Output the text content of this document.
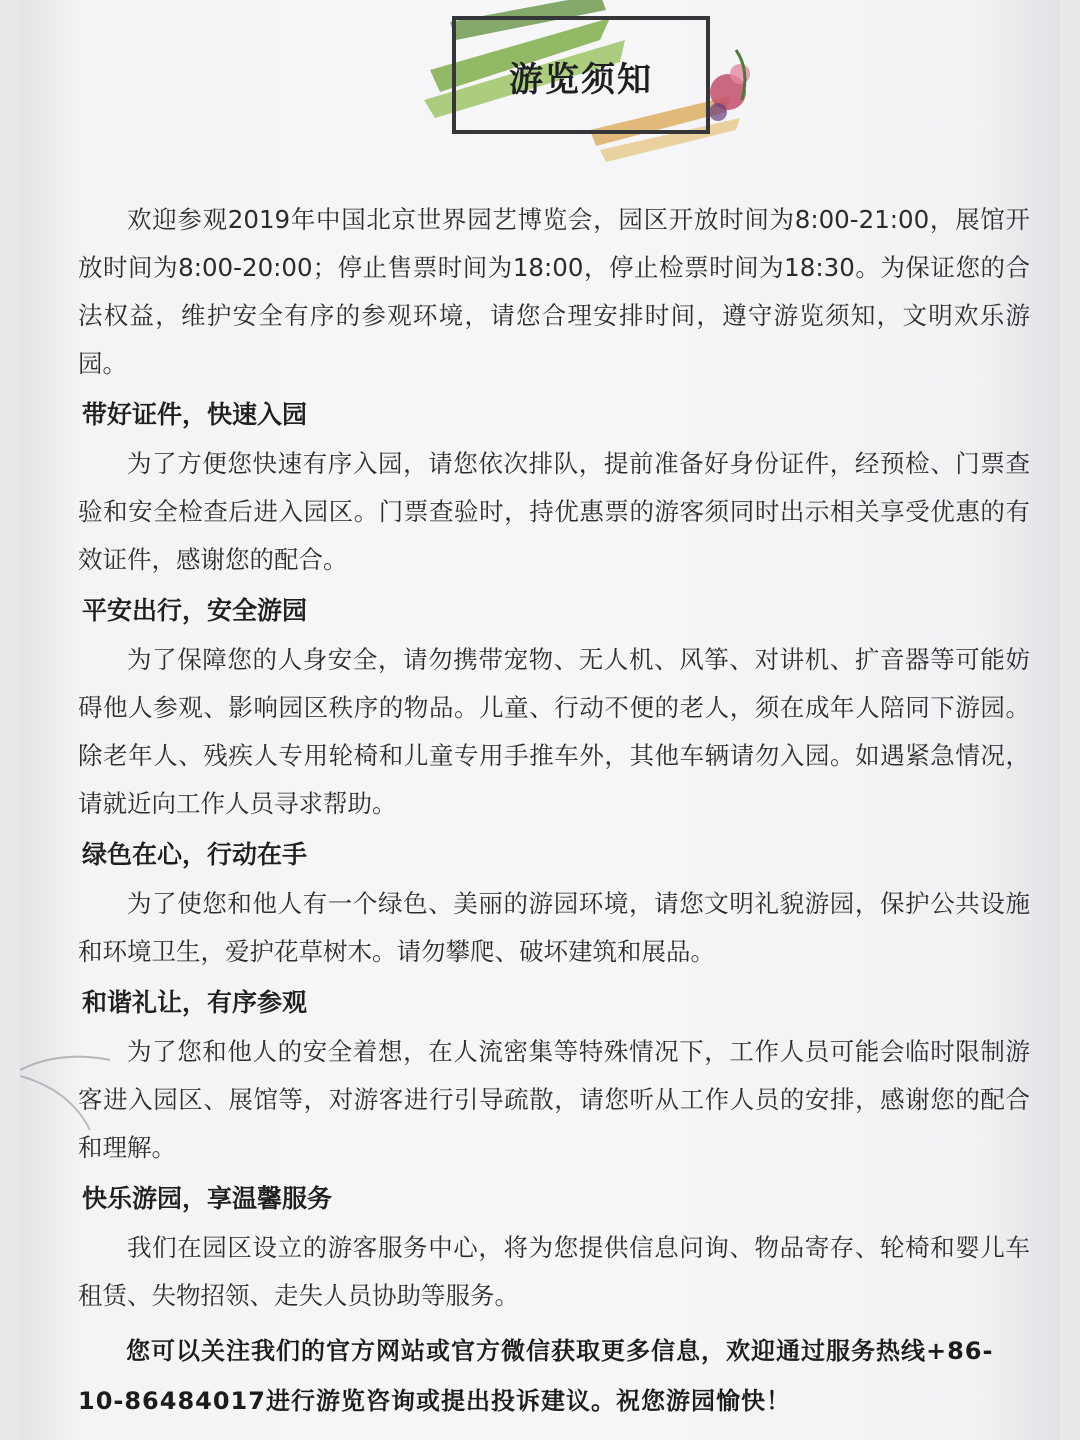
游览须知

欢迎参观2019年中国北京世界园艺博览会，园区开放时间为8:00-21:00，展馆开放时间为8:00-20:00；停止售票时间为18:00，停止检票时间为18:30。为保证您的合法权益，维护安全有序的参观环境，请您合理安排时间，遵守游览须知，文明欢乐游园。

带好证件，快速入园

为了方便您快速有序入园，请您依次排队，提前准备好身份证件，经预检、门票查验和安全检查后进入园区。门票查验时，持优惠票的游客须同时出示相关享受优惠的有效证件，感谢您的配合。

平安出行，安全游园

为了保障您的人身安全，请勿携带宠物、无人机、风筝、对讲机、扩音器等可能妨碍他人参观、影响园区秩序的物品。儿童、行动不便的老人，须在成年人陪同下游园。除老年人、残疾人专用轮椅和儿童专用手推车外，其他车辆请勿入园。如遇紧急情况，请就近向工作人员寻求帮助。

绿色在心，行动在手

为了使您和他人有一个绿色、美丽的游园环境，请您文明礼貌游园，保护公共设施和环境卫生，爱护花草树木。请勿攀爬、破坏建筑和展品。

和谐礼让，有序参观

为了您和他人的安全着想，在人流密集等特殊情况下，工作人员可能会临时限制游客进入园区、展馆等，对游客进行引导疏散，请您听从工作人员的安排，感谢您的配合和理解。

快乐游园，享温馨服务

我们在园区设立的游客服务中心，将为您提供信息问询、物品寄存、轮椅和婴儿车租赁、失物招领、走失人员协助等服务。

您可以关注我们的官方网站或官方微信获取更多信息，欢迎通过服务热线+86-10-86484017进行游览咨询或提出投诉建议。祝您游园愉快！
